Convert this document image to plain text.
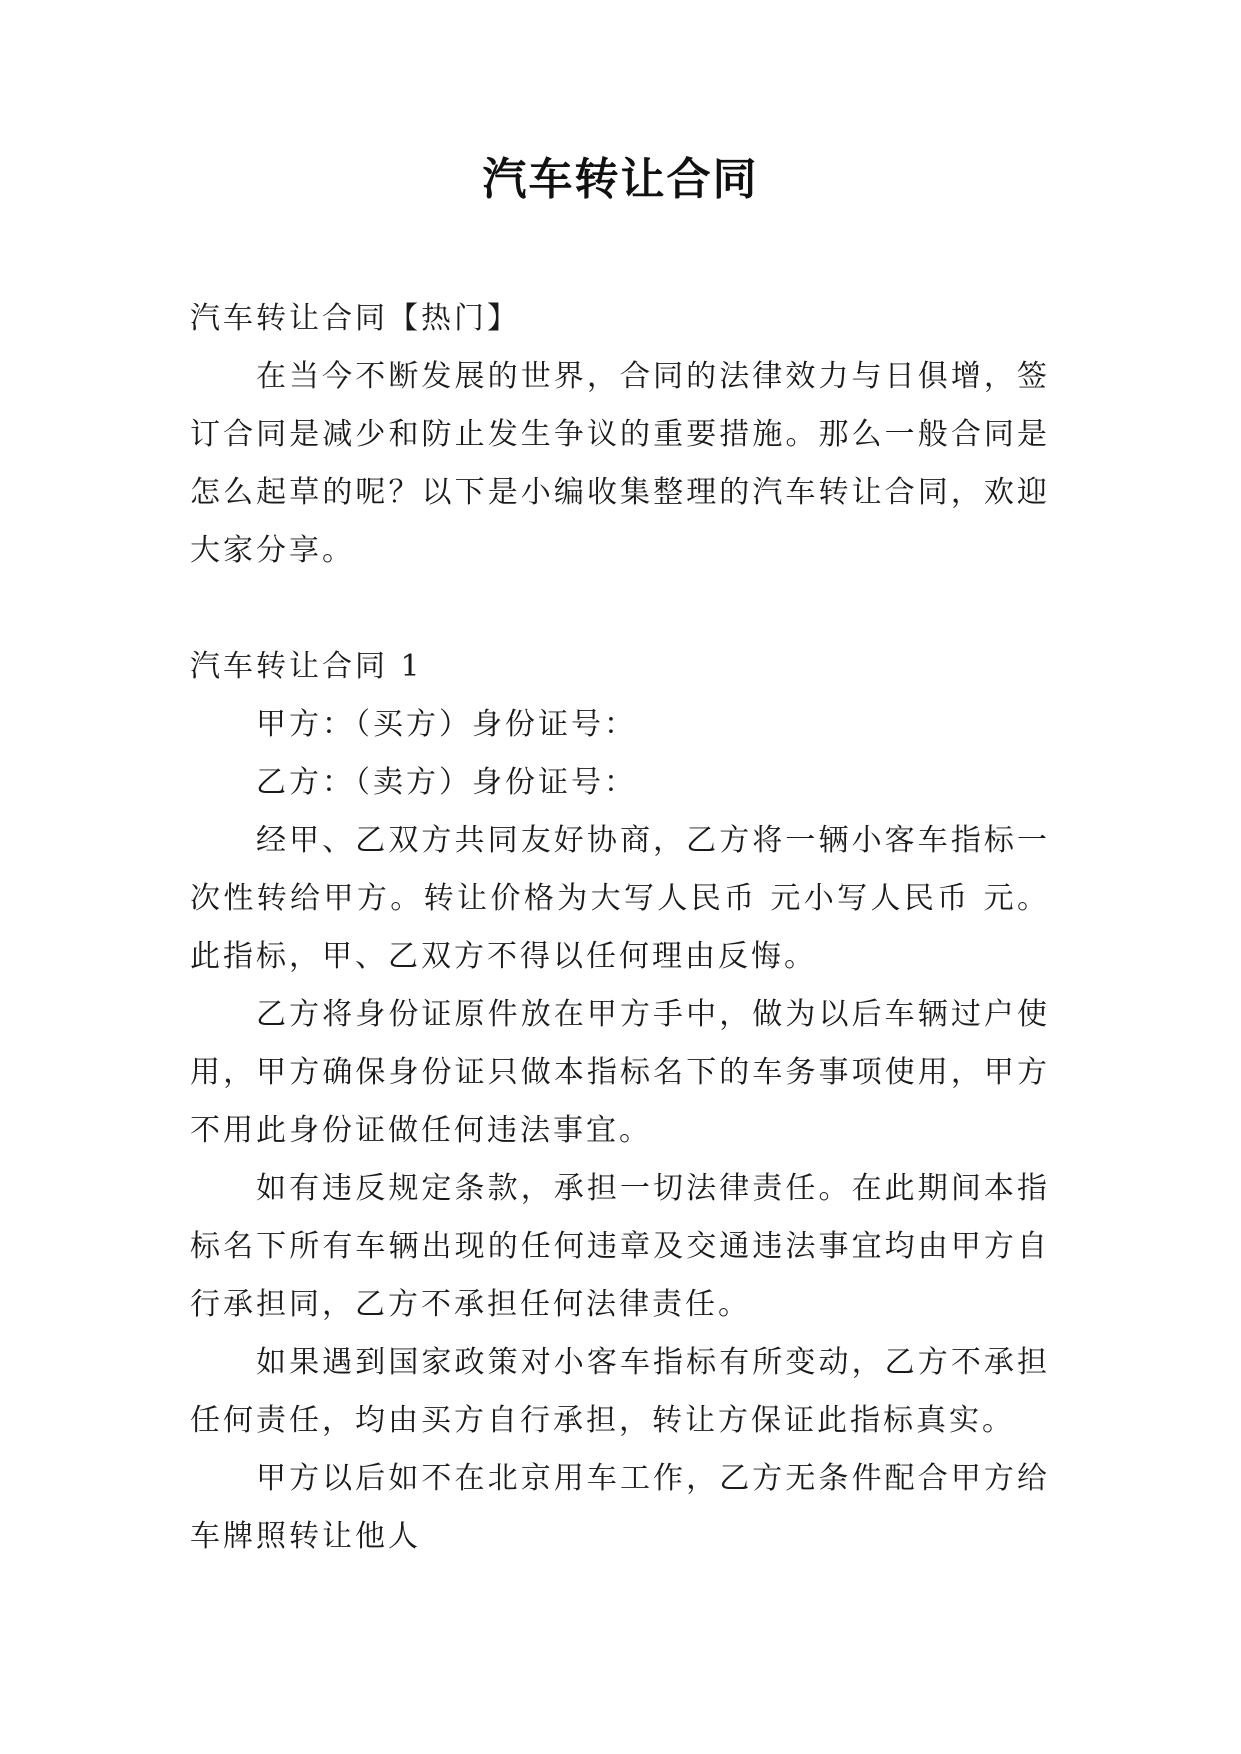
汽车转让合同
汽车转让合同【热门】
在当今不断发展的世界，合同的法律效力与日俱增，签订合同是减少和防止发生争议的重要措施。那么一般合同是怎么起草的呢？以下是小编收集整理的汽车转让合同，欢迎大家分享。
汽车转让合同 1
甲方：（买方）身份证号：
乙方：（卖方）身份证号：
经甲、乙双方共同友好协商，乙方将一辆小客车指标一次性转给甲方。转让价格为大写人民币 元小写人民币 元。此指标，甲、乙双方不得以任何理由反悔。
乙方将身份证原件放在甲方手中，做为以后车辆过户使用，甲方确保身份证只做本指标名下的车务事项使用，甲方不用此身份证做任何违法事宜。
如有违反规定条款，承担一切法律责任。在此期间本指标名下所有车辆出现的任何违章及交通违法事宜均由甲方自行承担同，乙方不承担任何法律责任。
如果遇到国家政策对小客车指标有所变动，乙方不承担任何责任，均由买方自行承担，转让方保证此指标真实。
甲方以后如不在北京用车工作，乙方无条件配合甲方给车牌照转让他人
